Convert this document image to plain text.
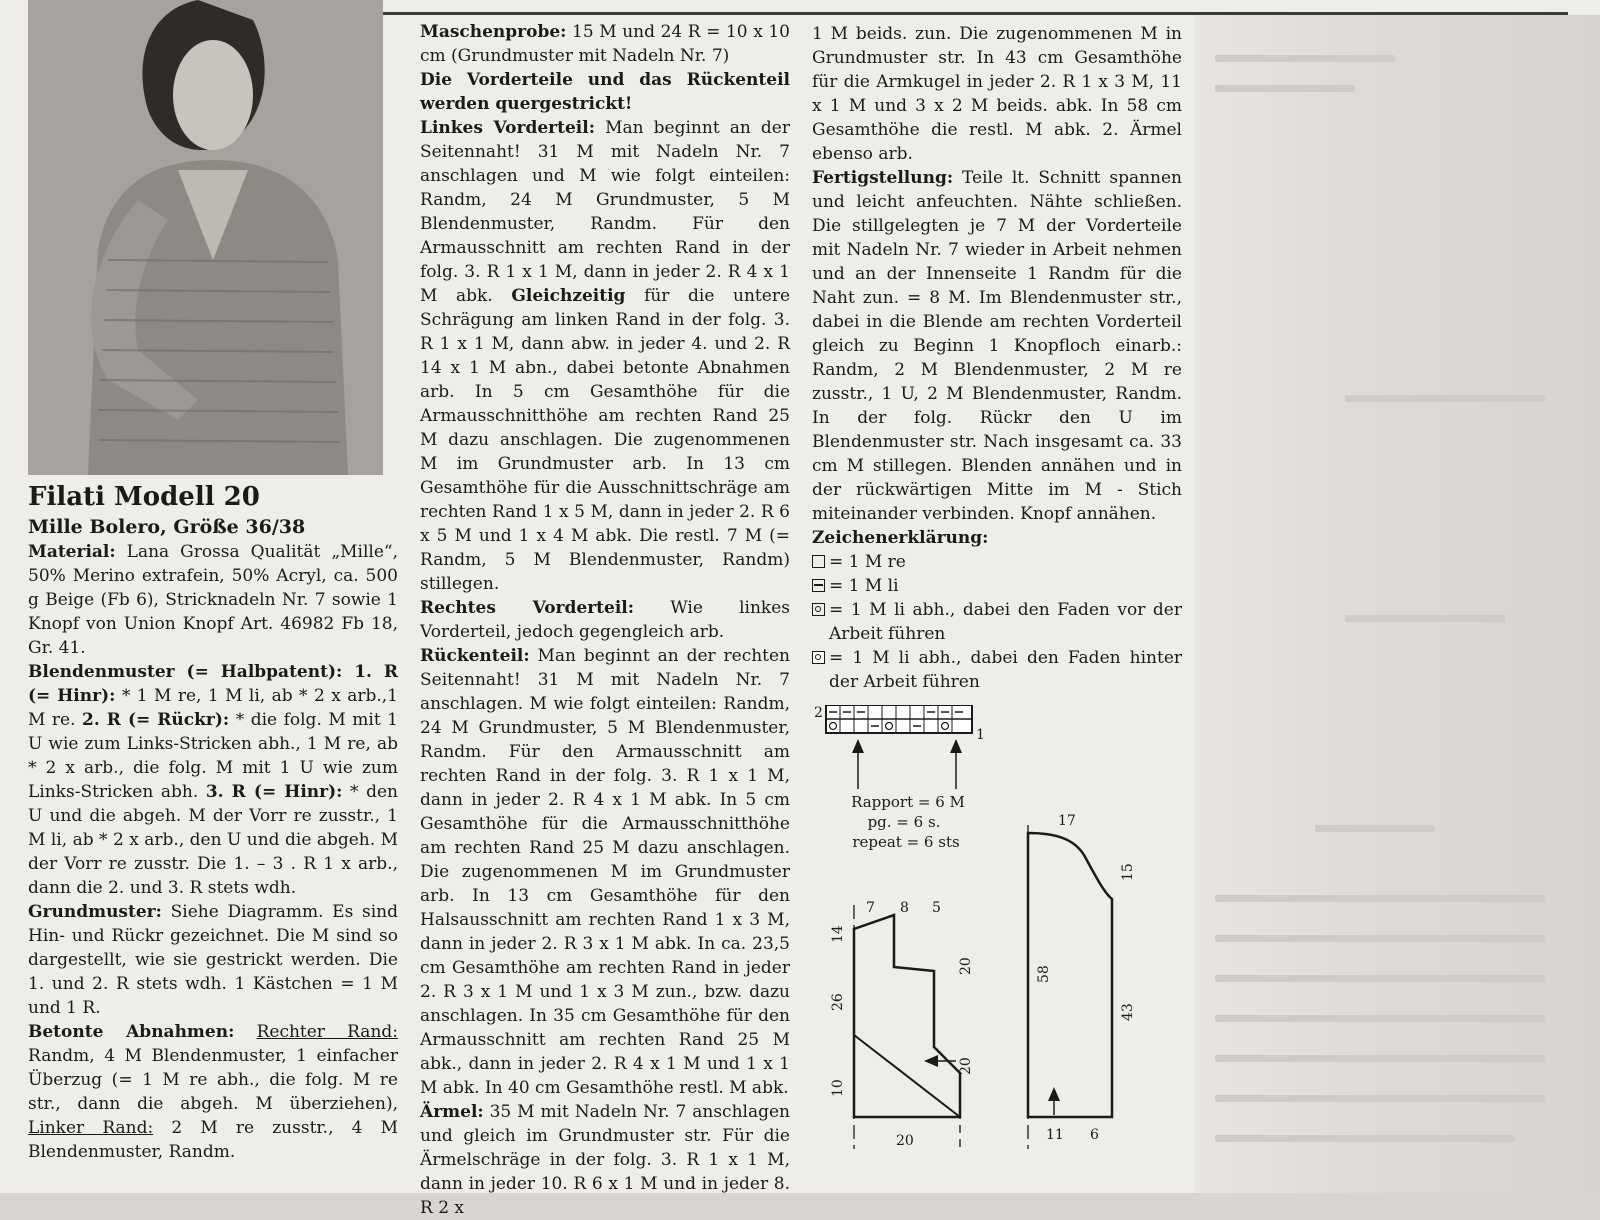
Filati Modell 20

Mille Bolero, Größe 36/38

Material: Lana Grossa Qualität „Mille“, 50% Merino extrafein, 50% Acryl, ca. 500 g Beige (Fb 6), Stricknadeln Nr. 7 sowie 1 Knopf von Union Knopf Art. 46982 Fb 18, Gr. 41.

Blendenmuster (= Halbpatent): 1. R (= Hinr): * 1 M re, 1 M li, ab * 2 x arb.,1 M re. 2. R (= Rückr): * die folg. M mit 1 U wie zum Links-Stricken abh., 1 M re, ab * 2 x arb., die folg. M mit 1 U wie zum Links-Stricken abh. 3. R (= Hinr): * den U und die abgeh. M der Vorr re zusstr., 1 M li, ab * 2 x arb., den U und die abgeh. M der Vorr re zusstr. Die 1. – 3 . R 1 x arb., dann die 2. und 3. R stets wdh.

Grundmuster: Siehe Diagramm. Es sind Hin- und Rückr gezeichnet. Die M sind so dargestellt, wie sie gestrickt werden. Die 1. und 2. R stets wdh. 1 Kästchen = 1 M und 1 R.

Betonte Abnahmen: Rechter Rand: Randm, 4 M Blendenmuster, 1 einfacher Überzug (= 1 M re abh., die folg. M re str., dann die abgeh. M überziehen), Linker Rand: 2 M re zusstr., 4 M Blendenmuster, Randm.

Maschenprobe: 15 M und 24 R = 10 x 10 cm (Grundmuster mit Nadeln Nr. 7)

Die Vorderteile und das Rückenteil werden quergestrickt!

Linkes Vorderteil: Man beginnt an der Seitennaht! 31 M mit Nadeln Nr. 7 anschlagen und M wie folgt einteilen: Randm, 24 M Grundmuster, 5 M Blendenmuster, Randm. Für den Armausschnitt am rechten Rand in der folg. 3. R 1 x 1 M, dann in jeder 2. R 4 x 1 M abk. Gleichzeitig für die untere Schrägung am linken Rand in der folg. 3. R 1 x 1 M, dann abw. in jeder 4. und 2. R 14 x 1 M abn., dabei betonte Abnahmen arb. In 5 cm Gesamthöhe für die Armausschnitthöhe am rechten Rand 25 M dazu anschlagen. Die zugenommenen M im Grundmuster arb. In 13 cm Gesamthöhe für die Ausschnittschräge am rechten Rand 1 x 5 M, dann in jeder 2. R 6 x 5 M und 1 x 4 M abk. Die restl. 7 M (= Randm, 5 M Blendenmuster, Randm) stillegen.

Rechtes Vorderteil: Wie linkes Vorderteil, jedoch gegengleich arb.

Rückenteil: Man beginnt an der rechten Seitennaht! 31 M mit Nadeln Nr. 7 anschlagen. M wie folgt einteilen: Randm, 24 M Grundmuster, 5 M Blendenmuster, Randm. Für den Armausschnitt am rechten Rand in der folg. 3. R 1 x 1 M, dann in jeder 2. R 4 x 1 M abk. In 5 cm Gesamthöhe für die Armausschnitthöhe am rechten Rand 25 M dazu anschlagen. Die zugenommenen M im Grundmuster arb. In 13 cm Gesamthöhe für den Halsausschnitt am rechten Rand 1 x 3 M, dann in jeder 2. R 3 x 1 M abk. In ca. 23,5 cm Gesamthöhe am rechten Rand in jeder 2. R 3 x 1 M und 1 x 3 M zun., bzw. dazu anschlagen. In 35 cm Gesamthöhe für den Armausschnitt am rechten Rand 25 M abk., dann in jeder 2. R 4 x 1 M und 1 x 1 M abk. In 40 cm Gesamthöhe restl. M abk.

Ärmel: 35 M mit Nadeln Nr. 7 anschlagen und gleich im Grundmuster str. Für die Ärmelschräge in der folg. 3. R 1 x 1 M, dann in jeder 10. R 6 x 1 M und in jeder 8. R 2 x

1 M beids. zun. Die zugenommenen M in Grundmuster str. In 43 cm Gesamthöhe für die Armkugel in jeder 2. R 1 x 3 M, 11 x 1 M und 3 x 2 M beids. abk. In 58 cm Gesamthöhe die restl. M abk. 2. Ärmel ebenso arb.

Fertigstellung: Teile lt. Schnitt spannen und leicht anfeuchten. Nähte schließen. Die stillgelegten je 7 M der Vorderteile mit Nadeln Nr. 7 wieder in Arbeit nehmen und an der Innenseite 1 Randm für die Naht zun. = 8 M. Im Blendenmuster str., dabei in die Blende am rechten Vorderteil gleich zu Beginn 1 Knopfloch einarb.: Randm, 2 M Blendenmuster, 2 M re zusstr., 1 U, 2 M Blendenmuster, Randm. In der folg. Rückr den U im Blendenmuster str. Nach insgesamt ca. 33 cm M stillegen. Blenden annähen und in der rückwärtigen Mitte im M - Stich miteinander verbinden. Knopf annähen.

Zeichenerklärung:

= 1 M re
= 1 M li
= 1 M li abh., dabei den Faden vor der Arbeit führen
= 1 M li abh., dabei den Faden hinter der Arbeit führen
2
1
Rapport = 6 M
pg. = 6 s.
repeat = 6 sts
7 8 5
14
26
10
20
20
20
17
15
43
58
11 6
